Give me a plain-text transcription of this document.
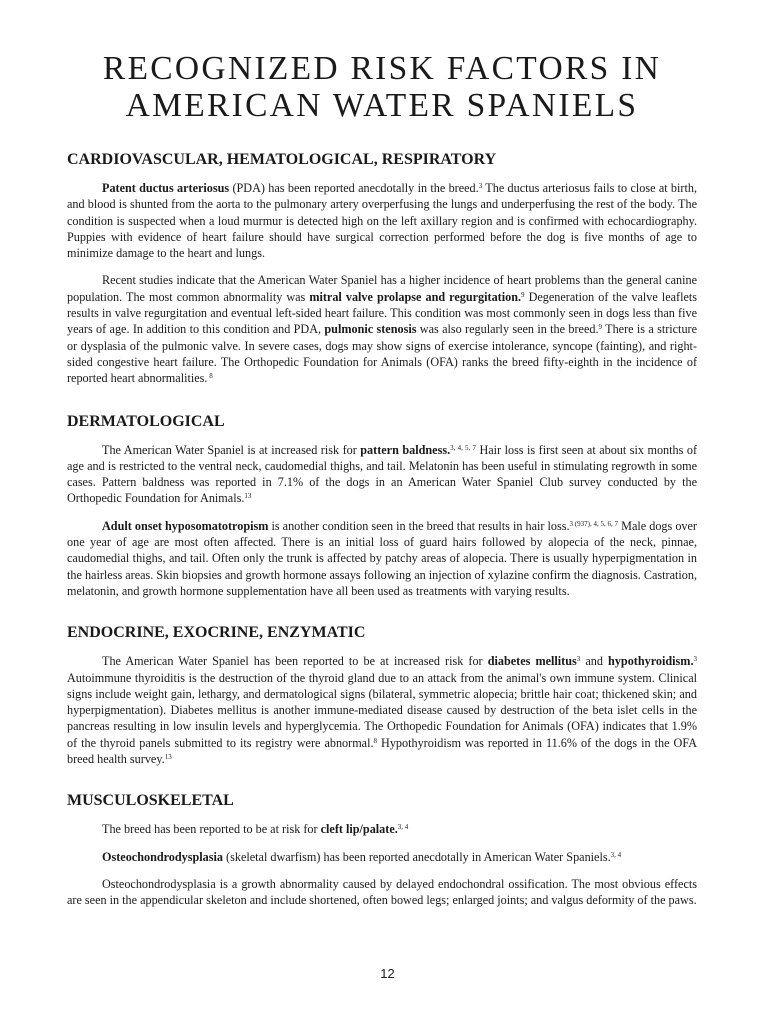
RECOGNIZED RISK FACTORS IN
AMERICAN WATER SPANIELS
CARDIOVASCULAR, HEMATOLOGICAL, RESPIRATORY

Patent ductus arteriosus (PDA) has been reported anecdotally in the breed.$^3$ The ductus arteriosus fails to close at birth, and blood is shunted from the aorta to the pulmonary artery overperfusing the lungs and underperfusing the rest of the body. The condition is suspected when a loud murmur is detected high on the left axillary region and is confirmed with echocardiography. Puppies with evidence of heart failure should have surgical correction performed before the dog is five months of age to minimize damage to the heart and lungs.

Recent studies indicate that the American Water Spaniel has a higher incidence of heart problems than the general canine population. The most common abnormality was mitral valve prolapse and regurgitation.$^9$ Degeneration of the valve leaflets results in valve regurgitation and eventual left-sided heart failure. This condition was most commonly seen in dogs less than five years of age. In addition to this condition and PDA, pulmonic stenosis was also regularly seen in the breed.$^9$ There is a stricture or dysplasia of the pulmonic valve. In severe cases, dogs may show signs of exercise intolerance, syncope (fainting), and right-sided congestive heart failure. The Orthopedic Foundation for Animals (OFA) ranks the breed fifty-eighth in the incidence of reported heart abnormalities. $^8$

DERMATOLOGICAL

The American Water Spaniel is at increased risk for pattern baldness.$^{3, 4, 5, 7}$ Hair loss is first seen at about six months of age and is restricted to the ventral neck, caudomedial thighs, and tail. Melatonin has been useful in stimulating regrowth in some cases. Pattern baldness was reported in 7.1% of the dogs in an American Water Spaniel Club survey conducted by the Orthopedic Foundation for Animals.$^{13}$

Adult onset hyposomatotropism is another condition seen in the breed that results in hair loss.$^{3 (937), 4, 5, 6, 7}$ Male dogs over one year of age are most often affected. There is an initial loss of guard hairs followed by alopecia of the neck, pinnae, caudomedial thighs, and tail. Often only the trunk is affected by patchy areas of alopecia. There is usually hyperpigmentation in the hairless areas. Skin biopsies and growth hormone assays following an injection of xylazine confirm the diagnosis. Castration, melatonin, and growth hormone supplementation have all been used as treatments with varying results.

ENDOCRINE, EXOCRINE, ENZYMATIC

The American Water Spaniel has been reported to be at increased risk for diabetes mellitus$^3$ and hypothyroidism.$^3$ Autoimmune thyroiditis is the destruction of the thyroid gland due to an attack from the animal's own immune system. Clinical signs include weight gain, lethargy, and dermatological signs (bilateral, symmetric alopecia; brittle hair coat; thickened skin; and hyperpigmentation). Diabetes mellitus is another immune-mediated disease caused by destruction of the beta islet cells in the pancreas resulting in low insulin levels and hyperglycemia. The Orthopedic Foundation for Animals (OFA) indicates that 1.9% of the thyroid panels submitted to its registry were abnormal.$^8$ Hypothyroidism was reported in 11.6% of the dogs in the OFA breed health survey.$^{13}$

MUSCULOSKELETAL

The breed has been reported to be at risk for cleft lip/palate.$^{3, 4}$

Osteochondrodysplasia (skeletal dwarfism) has been reported anecdotally in American Water Spaniels.$^{3, 4}$

Osteochondrodysplasia is a growth abnormality caused by delayed endochondral ossification. The most obvious effects are seen in the appendicular skeleton and include shortened, often bowed legs; enlarged joints; and valgus deformity of the paws.

12
